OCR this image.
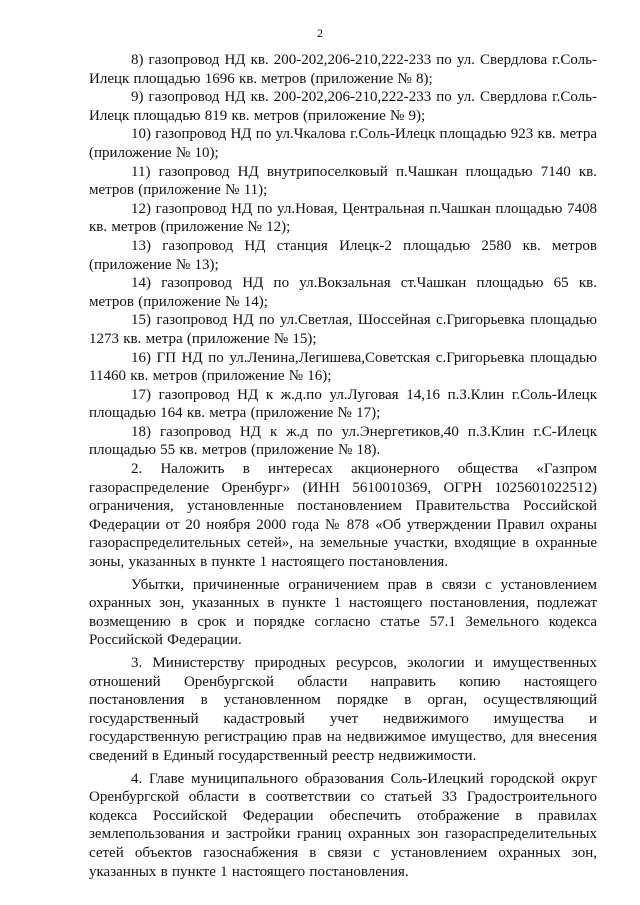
2

8) газопровод НД кв. 200-202,206-210,222-233 по ул. Свердлова г.Соль-Илецк площадью 1696 кв. метров (приложение № 8);

9) газопровод НД кв. 200-202,206-210,222-233 по ул. Свердлова г.Соль-Илецк площадью 819 кв. метров (приложение № 9);

10) газопровод НД по ул.Чкалова г.Соль-Илецк площадью 923 кв. метра (приложение № 10);

11) газопровод НД внутрипоселковый п.Чашкан площадью 7140 кв. метров (приложение № 11);

12) газопровод НД по ул.Новая, Центральная п.Чашкан площадью 7408 кв. метров (приложение № 12);

13) газопровод НД станция Илецк-2 площадью 2580 кв. метров (приложение № 13);

14) газопровод НД по ул.Вокзальная ст.Чашкан площадью 65 кв. метров (приложение № 14);

15) газопровод НД по ул.Светлая, Шоссейная с.Григорьевка площадью 1273 кв. метра (приложение № 15);

16) ГП НД по ул.Ленина,Легишева,Советская с.Григорьевка площадью 11460 кв. метров (приложение № 16);

17) газопровод НД к ж.д.по ул.Луговая 14,16 п.З.Клин г.Соль-Илецк площадью 164 кв. метра (приложение № 17);

18) газопровод НД к ж.д по ул.Энергетиков,40 п.З.Клин г.С-Илецк площадью 55 кв. метров (приложение № 18).

2. Наложить в интересах акционерного общества «Газпром газораспределение Оренбург» (ИНН 5610010369, ОГРН 1025601022512) ограничения, установленные постановлением Правительства Российской Федерации от 20 ноября 2000 года № 878 «Об утверждении Правил охраны газораспределительных сетей», на земельные участки, входящие в охранные зоны, указанных в пункте 1 настоящего постановления.

Убытки, причиненные ограничением прав в связи с установлением охранных зон, указанных в пункте 1 настоящего постановления, подлежат возмещению в срок и порядке согласно статье 57.1 Земельного кодекса Российской Федерации.

3. Министерству природных ресурсов, экологии и имущественных отношений Оренбургской области направить копию настоящего постановления в установленном порядке в орган, осуществляющий государственный кадастровый учет недвижимого имущества и государственную регистрацию прав на недвижимое имущество, для внесения сведений в Единый государственный реестр недвижимости.

4. Главе муниципального образования Соль-Илецкий городской округ Оренбургской области в соответствии со статьей 33 Градостроительного кодекса Российской Федерации обеспечить отображение в правилах землепользования и застройки границ охранных зон газораспределительных сетей объектов газоснабжения в связи с установлением охранных зон, указанных в пункте 1 настоящего постановления.
